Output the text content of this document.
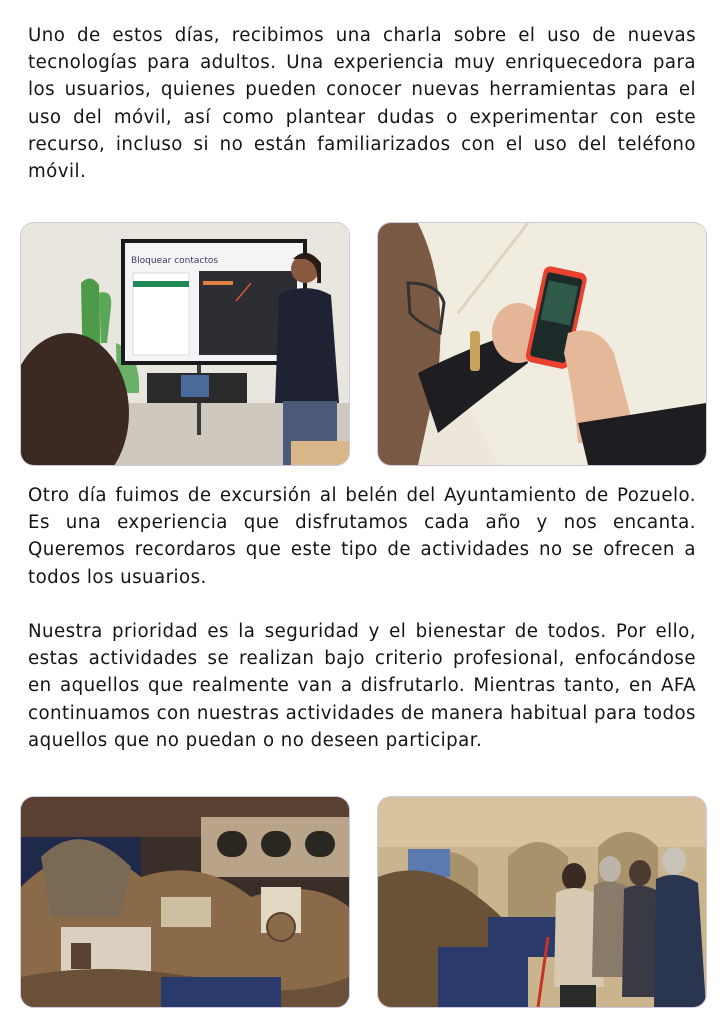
Uno de estos días, recibimos una charla sobre el uso de nuevas tecnologías para adultos. Una experiencia muy enriquecedora para los usuarios, quienes pueden conocer nuevas herramientas para el uso del móvil, así como plantear dudas o experimentar con este recurso, incluso si no están familiarizados con el uso del teléfono móvil.

Bloquear contactos

Otro día fuimos de excursión al belén del Ayuntamiento de Pozuelo. Es una experiencia que disfrutamos cada año y nos encanta. Queremos recordaros que este tipo de actividades no se ofrecen a todos los usuarios.

Nuestra prioridad es la seguridad y el bienestar de todos. Por ello, estas actividades se realizan bajo criterio profesional, enfocándose en aquellos que realmente van a disfrutarlo. Mientras tanto, en AFA continuamos con nuestras actividades de manera habitual para todos aquellos que no puedan o no deseen participar.
